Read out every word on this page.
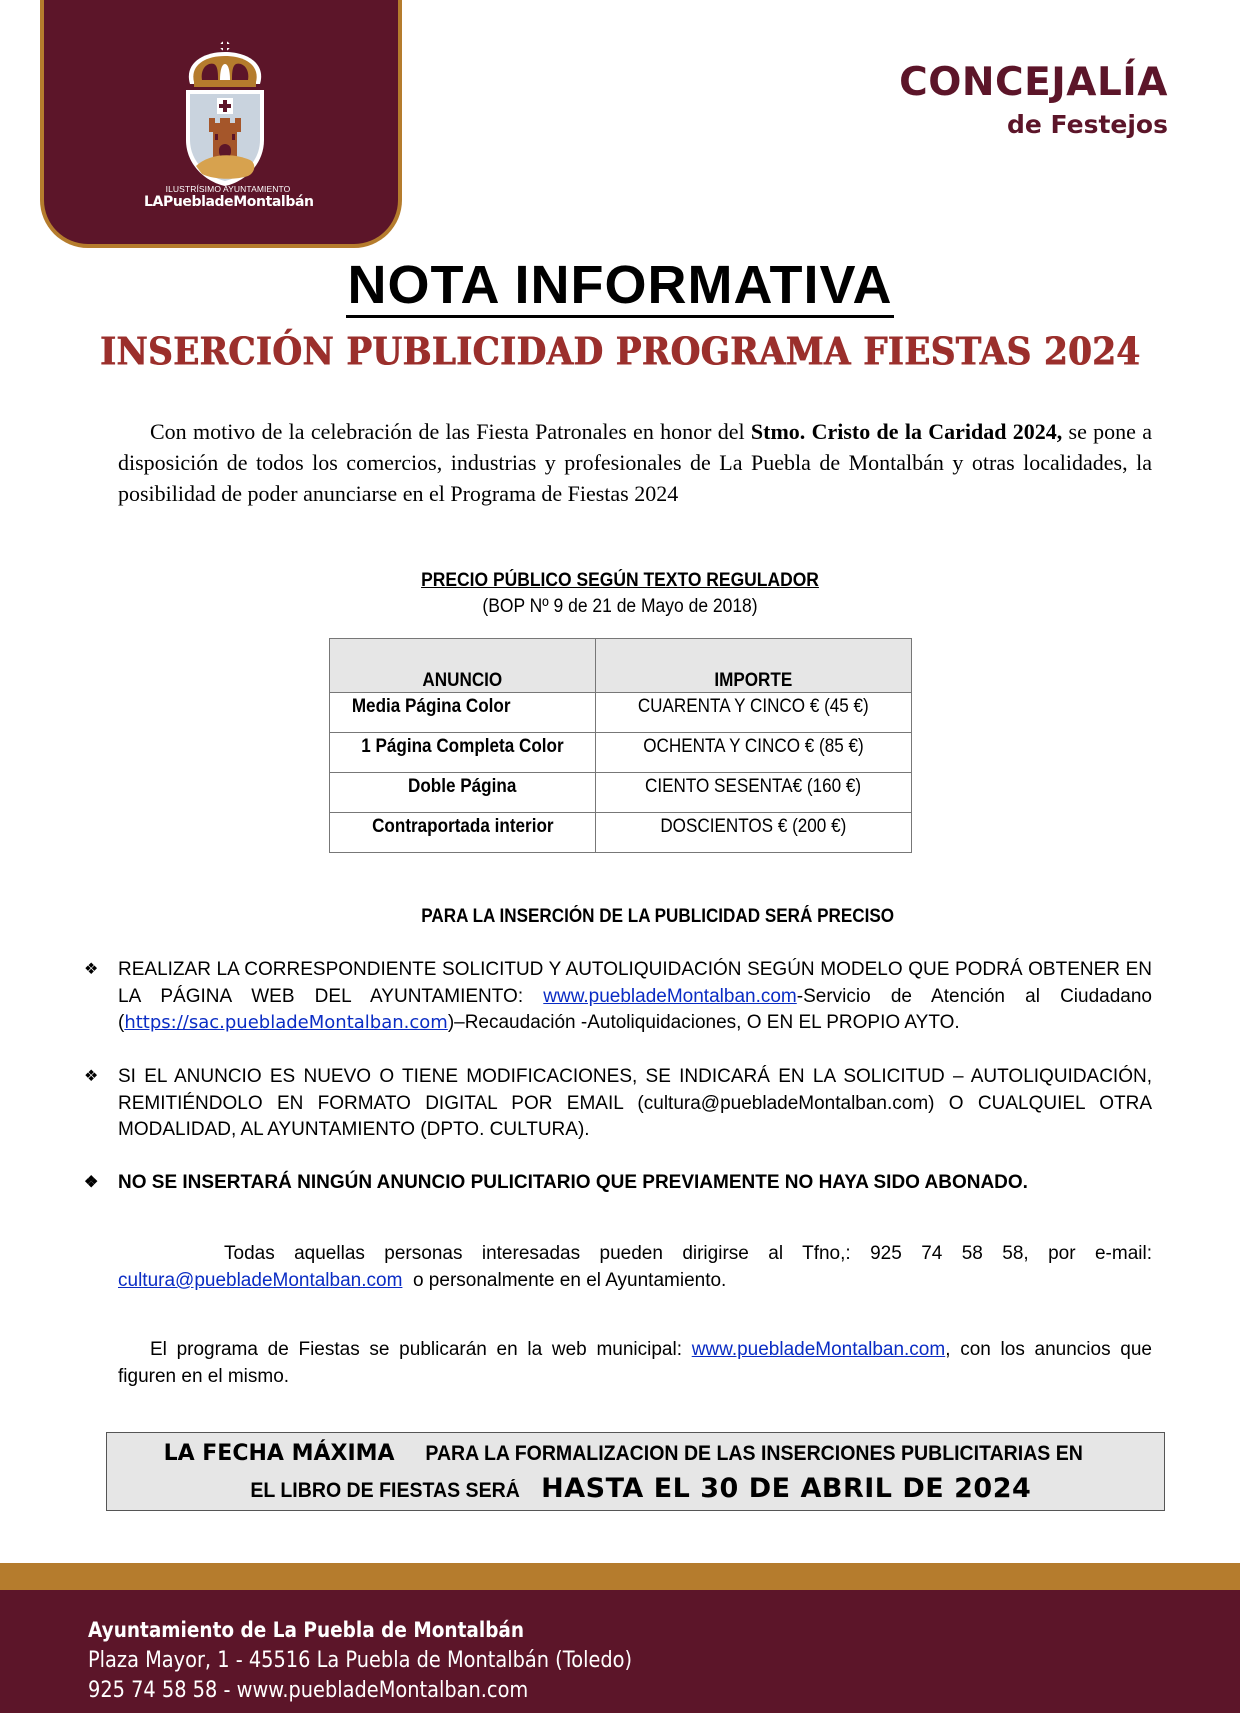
ILUSTRÍSIMO AYUNTAMIENTO
LAPuebladeMontalbán
CONCEJALÍA
de Festejos
NOTA INFORMATIVA
INSERCIÓN PUBLICIDAD PROGRAMA FIESTAS 2024

Con motivo de la celebración de las Fiesta Patronales en honor del Stmo. Cristo de la Caridad 2024, se pone a disposición de todos los comercios, industrias y profesionales de La Puebla de Montalbán y otras localidades, la posibilidad de poder anunciarse en el Programa de Fiestas 2024

PRECIO PÚBLICO SEGÚN TEXTO REGULADOR
(BOP Nº 9 de 21 de Mayo de 2018)
ANUNCIO	IMPORTE
Media Página Color	CUARENTA Y CINCO € (45 €)
1 Página Completa Color	OCHENTA Y CINCO € (85 €)
Doble Página	CIENTO SESENTA€ (160 €)
Contraportada interior	DOSCIENTOS € (200 €)
PARA LA INSERCIÓN DE LA PUBLICIDAD SERÁ PRECISO
❖ REALIZAR LA CORRESPONDIENTE SOLICITUD Y AUTOLIQUIDACIÓN SEGÚN MODELO QUE PODRÁ OBTENER EN LA PÁGINA WEB DEL AYUNTAMIENTO: www.puebladeMontalban.com-Servicio de Atención al Ciudadano (https://sac.puebladeMontalban.com)–Recaudación -Autoliquidaciones, O EN EL PROPIO AYTO.
❖ SI EL ANUNCIO ES NUEVO O TIENE MODIFICACIONES, SE INDICARÁ EN LA SOLICITUD – AUTOLIQUIDACIÓN, REMITIÉNDOLO EN FORMATO DIGITAL POR EMAIL (cultura@puebladeMontalban.com) O CUALQUIEL OTRA MODALIDAD, AL AYUNTAMIENTO (DPTO. CULTURA).
❖ NO SE INSERTARÁ NINGÚN ANUNCIO PULICITARIO QUE PREVIAMENTE NO HAYA SIDO ABONADO.
Todas aquellas personas interesadas pueden dirigirse al Tfno,: 925 74 58 58, por e-mail:
cultura@puebladeMontalban.com  o personalmente en el Ayuntamiento.

El programa de Fiestas se publicarán en la web municipal: www.puebladeMontalban.com, con los anuncios que figuren en el mismo.

LA FECHA MÁXIMA PARA LA FORMALIZACION DE LAS INSERCIONES PUBLICITARIAS EN
EL LIBRO DE FIESTAS SERÁ  HASTA EL 30 DE ABRIL DE 2024
Ayuntamiento de La Puebla de Montalbán
Plaza Mayor, 1 - 45516 La Puebla de Montalbán (Toledo)
925 74 58 58 - www.puebladeMontalban.com
